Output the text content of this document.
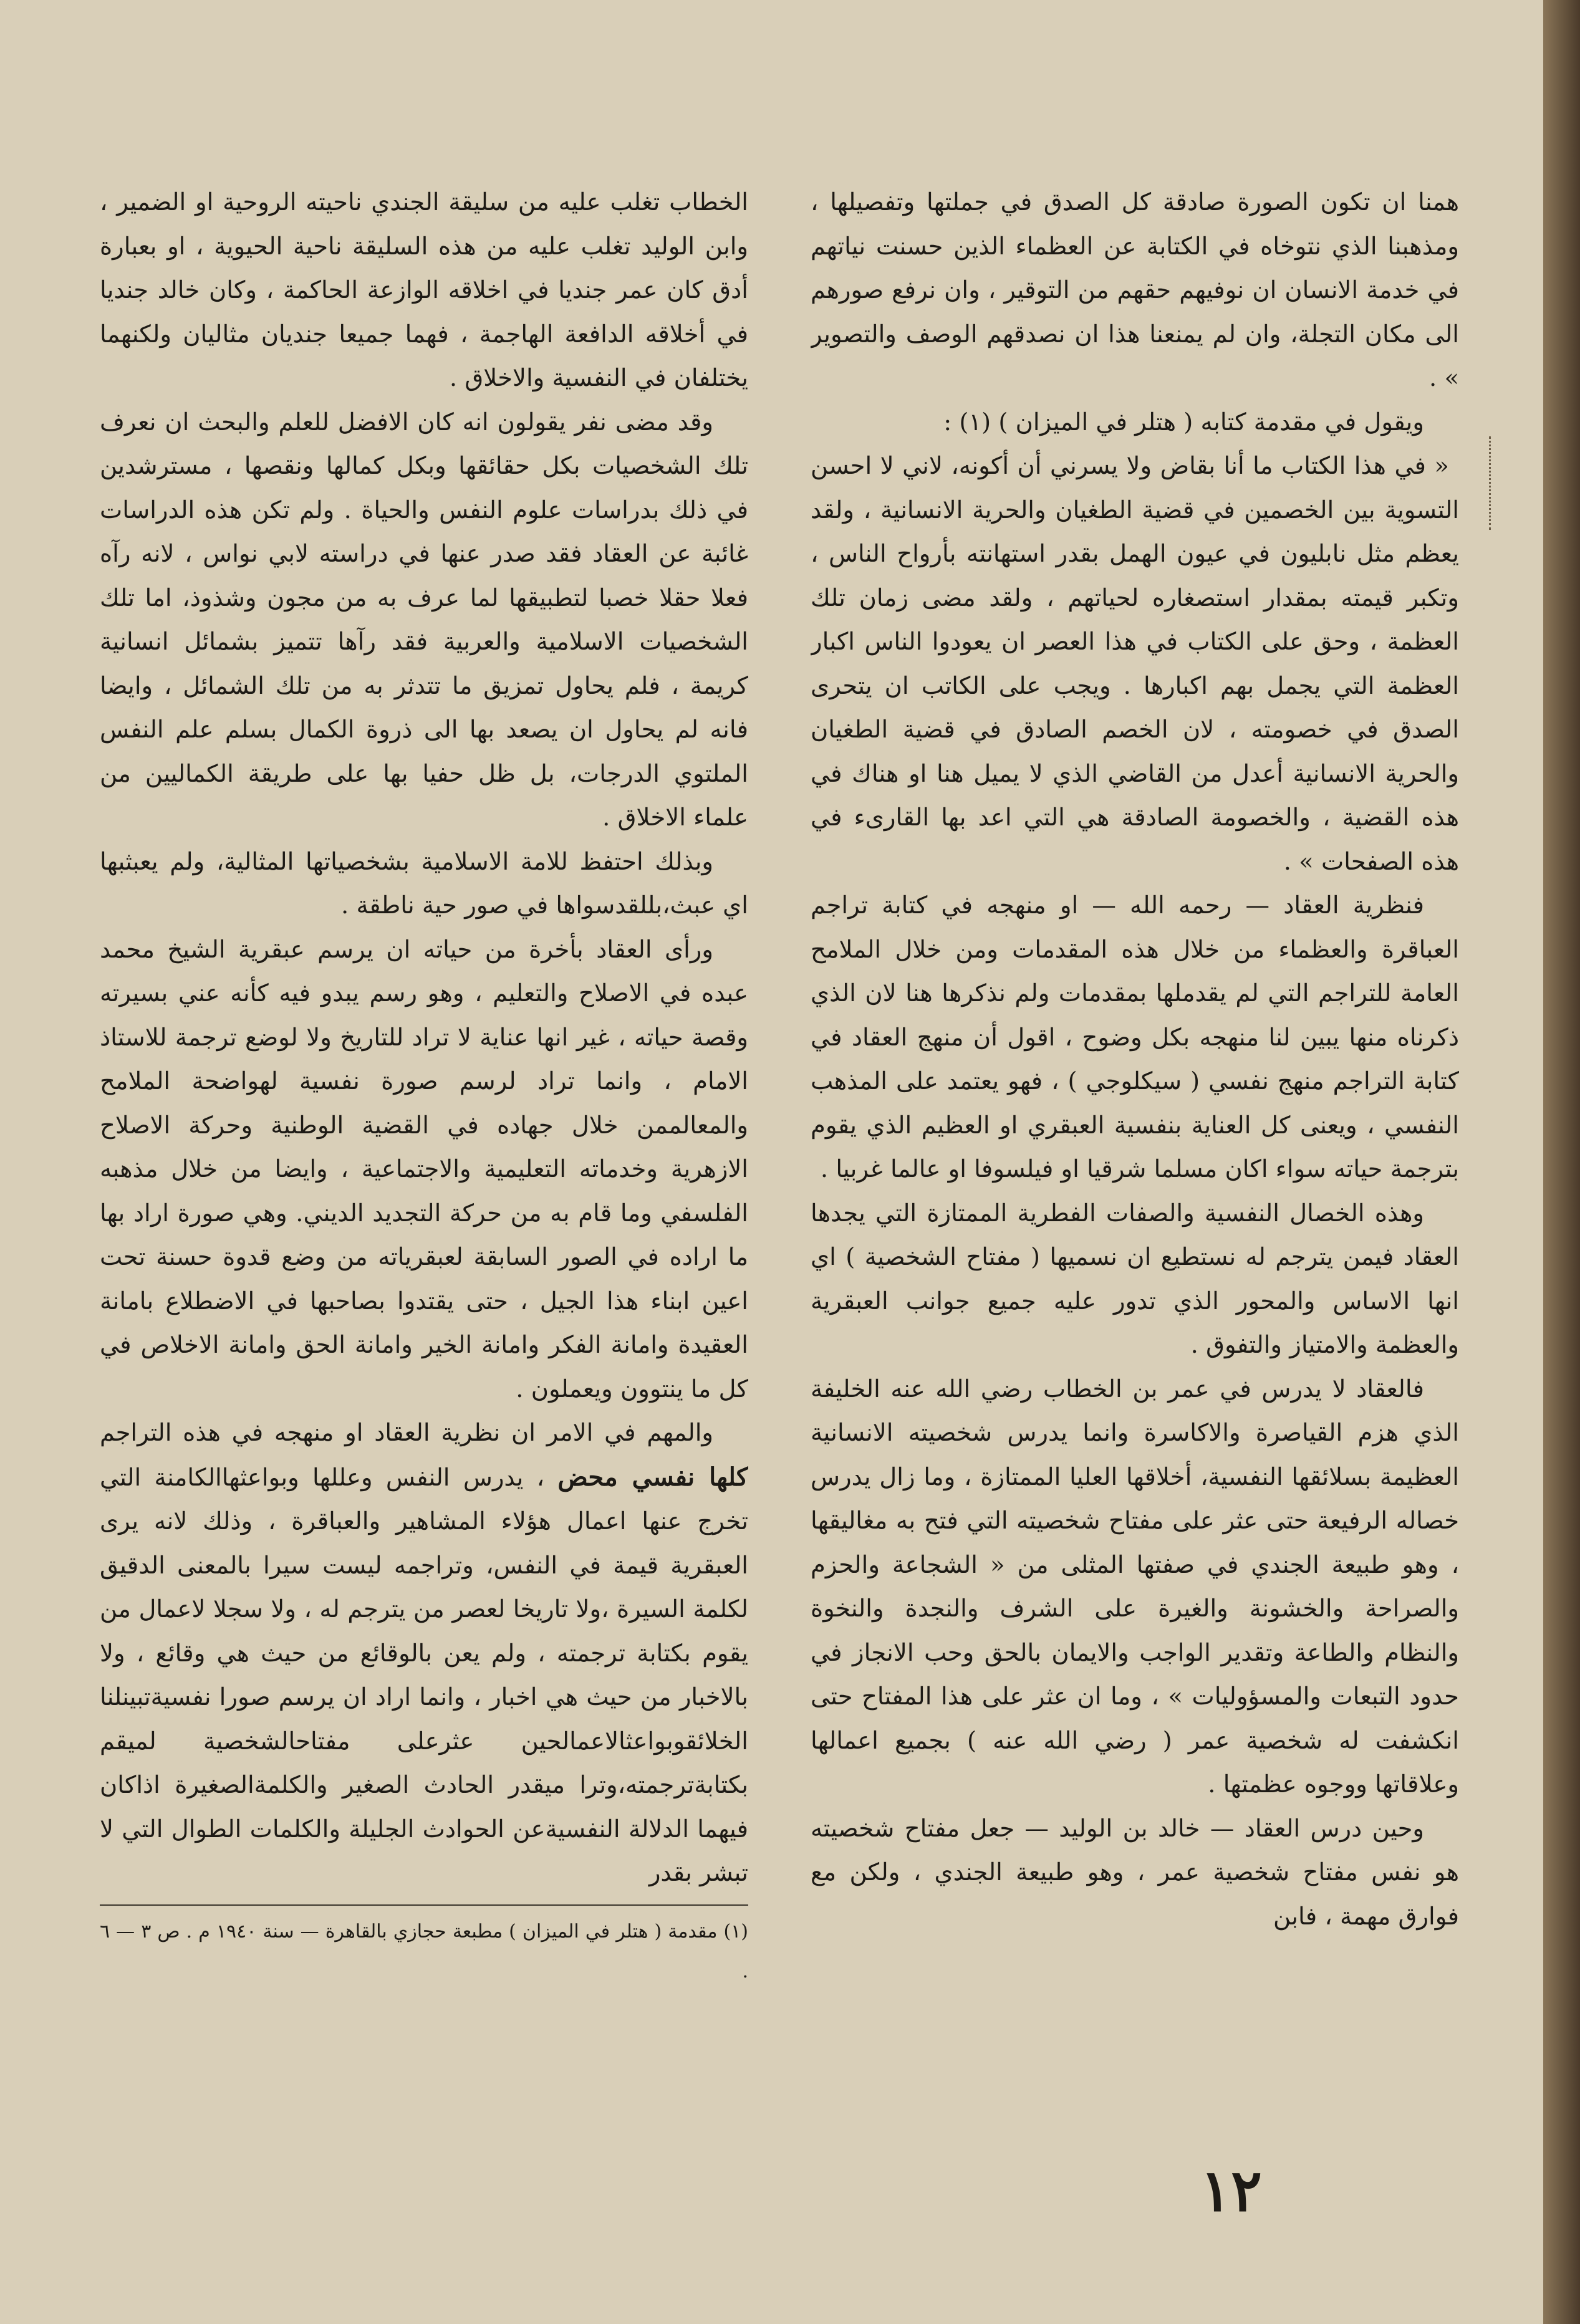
همنا ان تكون الصورة صادقة كل الصدق في جملتها وتفصيلها ، ومذهبنا الذي نتوخاه في الكتابة عن العظماء الذين حسنت نياتهم في خدمة الانسان ان نوفيهم حقهم من التوقير ، وان نرفع صورهم الى مكان التجلة، وان لم يمنعنا هذا ان نصدقهم الوصف والتصوير » .

ويقول في مقدمة كتابه ( هتلر في الميزان ) (١) :

« في هذا الكتاب ما أنا بقاض ولا يسرني أن أكونه، لاني لا احسن التسوية بين الخصمين في قضية الطغيان والحرية الانسانية ، ولقد يعظم مثل نابليون في عيون الهمل بقدر استهانته بأرواح الناس ، وتكبر قيمته بمقدار استصغاره لحياتهم ، ولقد مضى زمان تلك العظمة ، وحق على الكتاب في هذا العصر ان يعودوا الناس اكبار العظمة التي يجمل بهم اكبارها . ويجب على الكاتب ان يتحرى الصدق في خصومته ، لان الخصم الصادق في قضية الطغيان والحرية الانسانية أعدل من القاضي الذي لا يميل هنا او هناك في هذه القضية ، والخصومة الصادقة هي التي اعد بها القارىء في هذه الصفحات » .

فنظرية العقاد — رحمه الله — او منهجه في كتابة تراجم العباقرة والعظماء من خلال هذه المقدمات ومن خلال الملامح العامة للتراجم التي لم يقدملها بمقدمات ولم نذكرها هنا لان الذي ذكرناه منها يبين لنا منهجه بكل وضوح ، اقول أن منهج العقاد في كتابة التراجم منهج نفسي ( سيكلوجي ) ، فهو يعتمد على المذهب النفسي ، ويعنى كل العناية بنفسية العبقري او العظيم الذي يقوم بترجمة حياته سواء اكان مسلما شرقيا او فيلسوفا او عالما غربيا .

وهذه الخصال النفسية والصفات الفطرية الممتازة التي يجدها العقاد فيمن يترجم له نستطيع ان نسميها ( مفتاح الشخصية ) اي انها الاساس والمحور الذي تدور عليه جميع جوانب العبقرية والعظمة والامتياز والتفوق .

فالعقاد لا يدرس في عمر بن الخطاب رضي الله عنه الخليفة الذي هزم القياصرة والاكاسرة وانما يدرس شخصيته الانسانية العظيمة بسلائقها النفسية، أخلاقها العليا الممتازة ، وما زال يدرس خصاله الرفيعة حتى عثر على مفتاح شخصيته التي فتح به مغاليقها ، وهو طبيعة الجندي في صفتها المثلى من « الشجاعة والحزم والصراحة والخشونة والغيرة على الشرف والنجدة والنخوة والنظام والطاعة وتقدير الواجب والايمان بالحق وحب الانجاز في حدود التبعات والمسؤوليات » ، وما ان عثر على هذا المفتاح حتى انكشفت له شخصية عمر ( رضي الله عنه ) بجميع اعمالها وعلاقاتها ووجوه عظمتها .

وحين درس العقاد — خالد بن الوليد — جعل مفتاح شخصيته هو نفس مفتاح شخصية عمر ، وهو طبيعة الجندي ، ولكن مع فوارق مهمة ، فابن

الخطاب تغلب عليه من سليقة الجندي ناحيته الروحية او الضمير ، وابن الوليد تغلب عليه من هذه السليقة ناحية الحيوية ، او بعبارة أدق كان عمر جنديا في اخلاقه الوازعة الحاكمة ، وكان خالد جنديا في أخلاقه الدافعة الهاجمة ، فهما جميعا جنديان مثاليان ولكنهما يختلفان في النفسية والاخلاق .

وقد مضى نفر يقولون انه كان الافضل للعلم والبحث ان نعرف تلك الشخصيات بكل حقائقها وبكل كمالها ونقصها ، مسترشدين في ذلك بدراسات علوم النفس والحياة . ولم تكن هذه الدراسات غائبة عن العقاد فقد صدر عنها في دراسته لابي نواس ، لانه رآه فعلا حقلا خصبا لتطبيقها لما عرف به من مجون وشذوذ، اما تلك الشخصيات الاسلامية والعربية فقد رآها تتميز بشمائل انسانية كريمة ، فلم يحاول تمزيق ما تتدثر به من تلك الشمائل ، وايضا فانه لم يحاول ان يصعد بها الى ذروة الكمال بسلم علم النفس الملتوي الدرجات، بل ظل حفيا بها على طريقة الكماليين من علماء الاخلاق .

وبذلك احتفظ للامة الاسلامية بشخصياتها المثالية، ولم يعبثبها اي عبث،بللقدسواها في صور حية ناطقة .

ورأى العقاد بأخرة من حياته ان يرسم عبقرية الشيخ محمد عبده في الاصلاح والتعليم ، وهو رسم يبدو فيه كأنه عني بسيرته وقصة حياته ، غير انها عناية لا تراد للتاريخ ولا لوضع ترجمة للاستاذ الامام ، وانما تراد لرسم صورة نفسية لهواضحة الملامح والمعالممن خلال جهاده في القضية الوطنية وحركة الاصلاح الازهرية وخدماته التعليمية والاجتماعية ، وايضا من خلال مذهبه الفلسفي وما قام به من حركة التجديد الديني. وهي صورة اراد بها ما اراده في الصور السابقة لعبقرياته من وضع قدوة حسنة تحت اعين ابناء هذا الجيل ، حتى يقتدوا بصاحبها في الاضطلاع بامانة العقيدة وامانة الفكر وامانة الخير وامانة الحق وامانة الاخلاص في كل ما ينتوون ويعملون .

والمهم في الامر ان نظرية العقاد او منهجه في هذه التراجم كلها نفسي محض ، يدرس النفس وعللها وبواعثهاالكامنة التي تخرج عنها اعمال هؤلاء المشاهير والعباقرة ، وذلك لانه يرى العبقرية قيمة في النفس، وتراجمه ليست سيرا بالمعنى الدقيق لكلمة السيرة ،ولا تاريخا لعصر من يترجم له ، ولا سجلا لاعمال من يقوم بكتابة ترجمته ، ولم يعن بالوقائع من حيث هي وقائع ، ولا بالاخبار من حيث هي اخبار ، وانما اراد ان يرسم صورا نفسيةتبينلنا الخلائقوبواعثالاعمالحين عثرعلى مفتاحالشخصية لميقم بكتابةترجمته،وترا ميقدر الحادث الصغير والكلمةالصغيرة اذاكان فيهما الدلالة النفسيةعن الحوادث الجليلة والكلمات الطوال التي لا تبشر بقدر

(١) مقدمة ( هتلر في الميزان ) مطبعة حجازي بالقاهرة — سنة ١٩٤٠ م . ص ٣ — ٦ .

١٢
